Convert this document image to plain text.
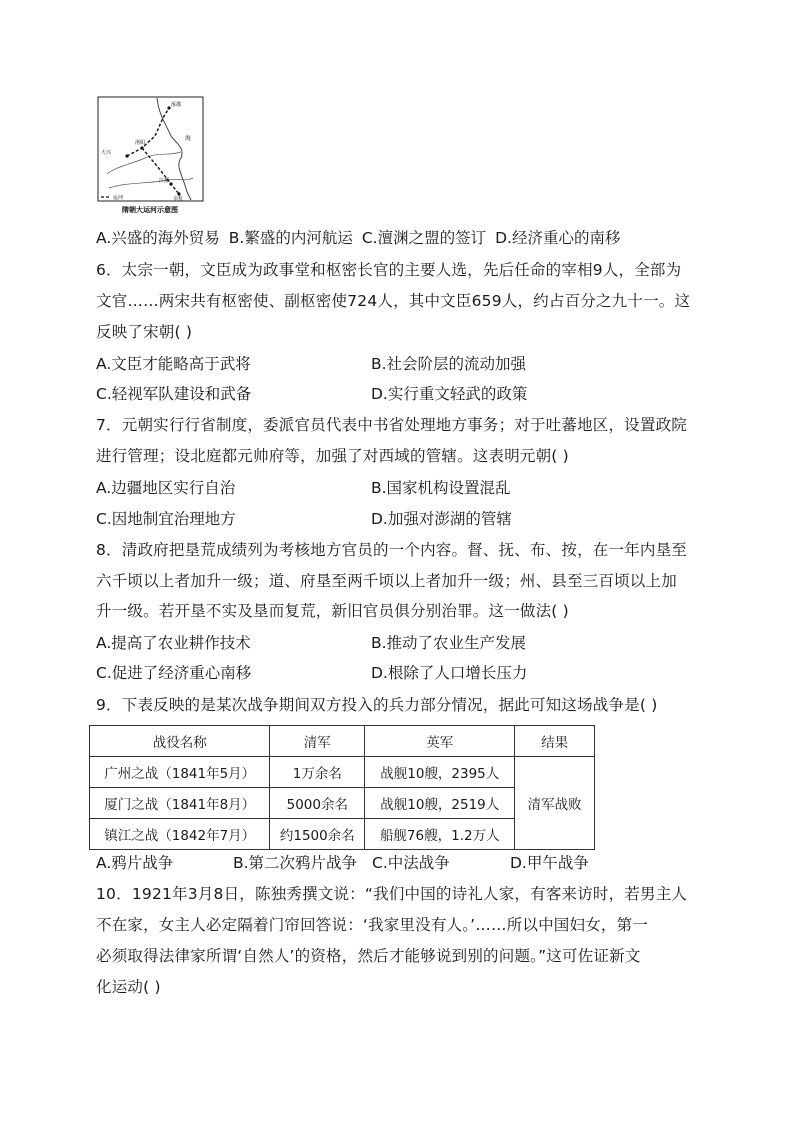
涿郡
大兴
洛阳
江都
余杭
海
运河
隋朝大运河示意图
A.兴盛的海外贸易 B.繁盛的内河航运 C.澶渊之盟的签订 D.经济重心的南移
6．太宗一朝，文臣成为政事堂和枢密长官的主要人选，先后任命的宰相9人，全部为
文官……两宋共有枢密使、副枢密使724人，其中文臣659人，约占百分之九十一。这
反映了宋朝( )
A.文臣才能略高于武将	B.社会阶层的流动加强
C.轻视军队建设和武备	D.实行重文轻武的政策
7．元朝实行行省制度，委派官员代表中书省处理地方事务；对于吐蕃地区，设置政院
进行管理；设北庭都元帅府等，加强了对西域的管辖。这表明元朝( )
A.边疆地区实行自治	B.国家机构设置混乱
C.因地制宜治理地方	D.加强对澎湖的管辖
8．清政府把垦荒成绩列为考核地方官员的一个内容。督、抚、布、按，在一年内垦至
六千顷以上者加升一级；道、府垦至两千顷以上者加升一级；州、县至三百顷以上加
升一级。若开垦不实及垦而复荒，新旧官员俱分别治罪。这一做法( )
A.提高了农业耕作技术	B.推动了农业生产发展
C.促进了经济重心南移	D.根除了人口增长压力
9．下表反映的是某次战争期间双方投入的兵力部分情况，据此可知这场战争是( )
战役名称	清军	英军	结果
广州之战（1841年5月）	1万余名	战舰10艘，2395人	清军战败
厦门之战（1841年8月）	5000余名	战舰10艘，2519人	
镇江之战（1842年7月）	约1500余名	船舰76艘，1.2万人	
A.鸦片战争	B.第二次鸦片战争 C.中法战争	D.甲午战争
10．1921年3月8日，陈独秀撰文说：“我们中国的诗礼人家，有客来访时，若男主人
不在家，女主人必定隔着门帘回答说：‘我家里没有人。’……所以中国妇女，第一
必须取得法律家所谓‘自然人’的资格，然后才能够说到别的问题。”这可佐证新文
化运动( )
